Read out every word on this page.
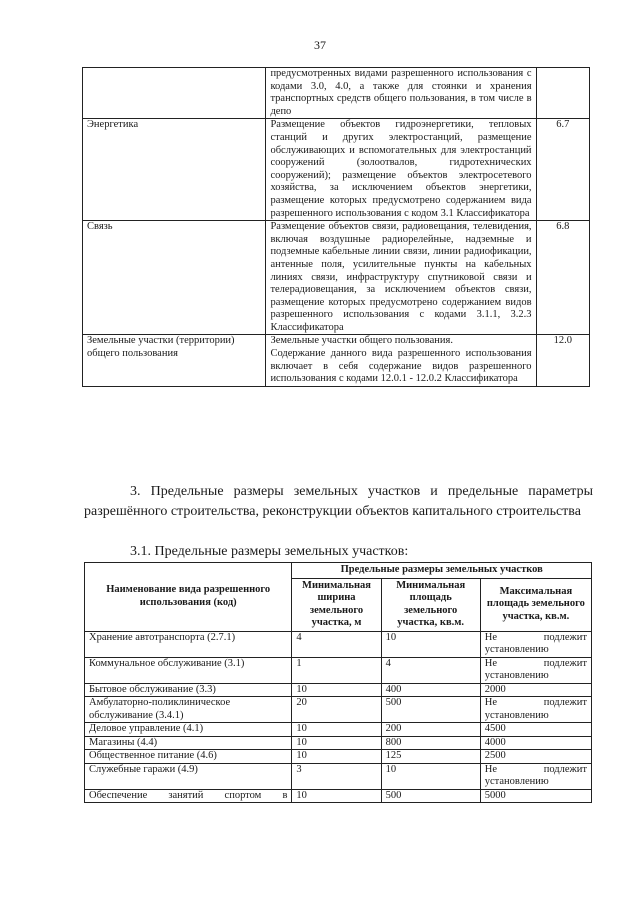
37
	предусмотренных видами разрешенного использования с кодами 3.0, 4.0, а также для стоянки и хранения транспортных средств общего пользования, в том числе в депо	
Энергетика	Размещение объектов гидроэнергетики, тепловых станций и других электростанций, размещение обслуживающих и вспомогательных для электростанций сооружений (золоотвалов, гидротехнических сооружений); размещение объектов электросетевого хозяйства, за исключением объектов энергетики, размещение которых предусмотрено содержанием вида разрешенного использования с кодом 3.1 Классификатора	6.7
Связь	Размещение объектов связи, радиовещания, телевидения, включая воздушные радиорелейные, надземные и подземные кабельные линии связи, линии радиофикации, антенные поля, усилительные пункты на кабельных линиях связи, инфраструктуру спутниковой связи и телерадиовещания, за исключением объектов связи, размещение которых предусмотрено содержанием видов разрешенного использования с кодами 3.1.1, 3.2.3 Классификатора	6.8
Земельные участки (территории) общего пользования	Земельные участки общего пользования.
Содержание данного вида разрешенного использования включает в себя содержание видов разрешенного использования с кодами 12.0.1 - 12.0.2 Классификатора	12.0
3. Предельные размеры земельных участков и предельные параметры разрешённого строительства, реконструкции объектов капитального строительства
3.1. Предельные размеры земельных участков:
Наименование вида разрешенного использования (код)	Предельные размеры земельных участков		
	Минимальная ширина земельного участка, м	Минимальная площадь земельного участка, кв.м.	Максимальная площадь земельного участка, кв.м.
Хранение автотранспорта (2.7.1)	4	10	Не подлежит установлению
Коммунальное обслуживание (3.1)	1	4	Не подлежит установлению
Бытовое обслуживание (3.3)	10	400	2000
Амбулаторно-поликлиническое обслуживание (3.4.1)	20	500	Не подлежит установлению
Деловое управление (4.1)	10	200	4500
Магазины (4.4)	10	800	4000
Общественное питание (4.6)	10	125	2500
Служебные гаражи (4.9)	3	10	Не подлежит установлению
Обеспечение занятий спортом в	10	500	5000
